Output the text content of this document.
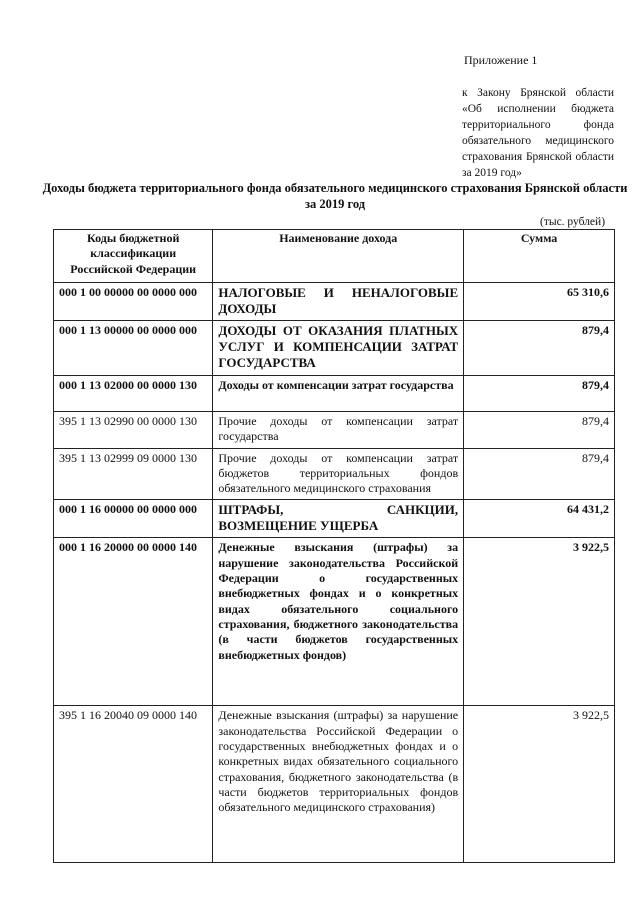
Приложение 1
к Закону Брянской области «Об исполнении бюджета территориального фонда обязательного медицинского страхования Брянской области за 2019 год»
Доходы бюджета территориального фонда обязательного медицинского страхования Брянской области за 2019 год
(тыс. рублей)
Коды бюджетной классификации Российской Федерации	Наименование дохода	Сумма
000 1 00 00000 00 0000 000	НАЛОГОВЫЕ И НЕНАЛОГОВЫЕ ДОХОДЫ	65 310,6
000 1 13 00000 00 0000 000	ДОХОДЫ ОТ ОКАЗАНИЯ ПЛАТНЫХ УСЛУГ И КОМПЕНСАЦИИ ЗАТРАТ ГОСУДАРСТВА	879,4
000 1 13 02000 00 0000 130	Доходы от компенсации затрат государства	879,4
395 1 13 02990 00 0000 130	Прочие доходы от компенсации затрат государства	879,4
395 1 13 02999 09 0000 130	Прочие доходы от компенсации затрат бюджетов территориальных фондов обязательного медицинского страхования	879,4
000 1 16 00000 00 0000 000	ШТРАФЫ, САНКЦИИ, ВОЗМЕЩЕНИЕ УЩЕРБА	64 431,2
000 1 16 20000 00 0000 140	Денежные взыскания (штрафы) за нарушение законодательства Российской Федерации о государственных внебюджетных фондах и о конкретных видах обязательного социального страхования, бюджетного законодательства (в части бюджетов государственных внебюджетных фондов)	3 922,5
395 1 16 20040 09 0000 140	Денежные взыскания (штрафы) за нарушение законодательства Российской Федерации о государственных внебюджетных фондах и о конкретных видах обязательного социального страхования, бюджетного законодательства (в части бюджетов территориальных фондов обязательного медицинского страхования)	3 922,5
